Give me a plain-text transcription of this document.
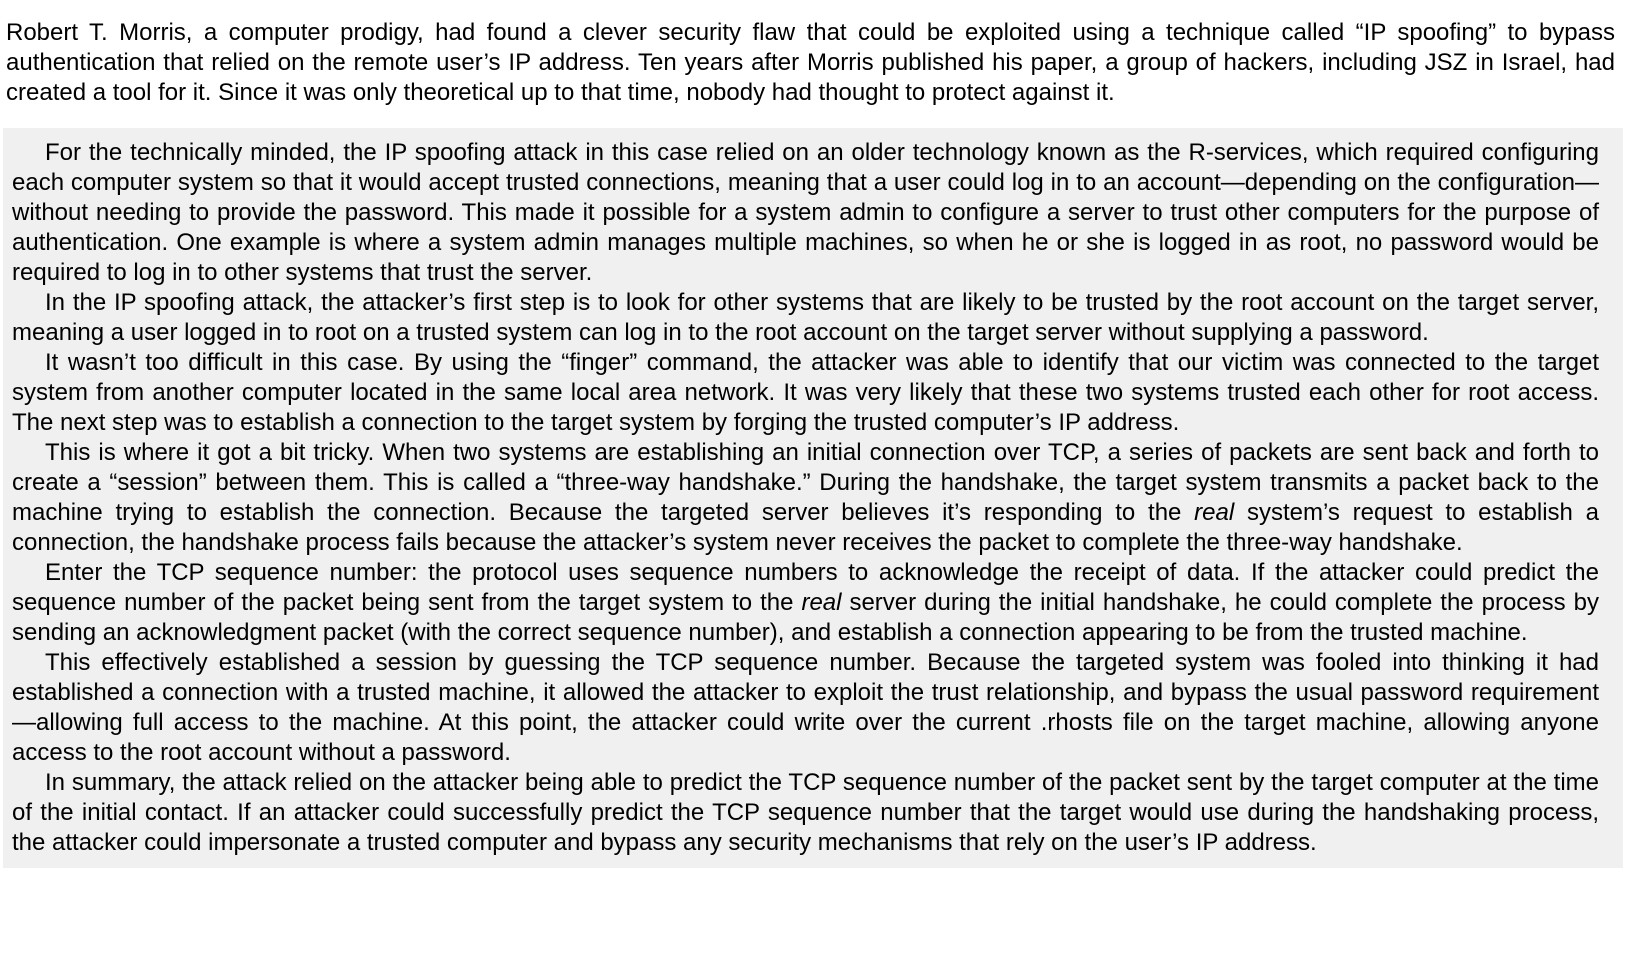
Robert T. Morris, a computer prodigy, had found a clever security flaw that could be exploited using a technique called “IP spoofing” to bypass authentication that relied on the remote user’s IP address. Ten years after Morris published his paper, a group of hackers, including JSZ in Israel, had created a tool for it. Since it was only theoretical up to that time, nobody had thought to protect against it.

For the technically minded, the IP spoofing attack in this case relied on an older technology known as the R-services, which required configuring each computer system so that it would accept trusted connections, meaning that a user could log in to an account—depending on the configuration—without needing to provide the password. This made it possible for a system admin to configure a server to trust other computers for the purpose of authentication. One example is where a system admin manages multiple machines, so when he or she is logged in as root, no password would be required to log in to other systems that trust the server.

In the IP spoofing attack, the attacker’s first step is to look for other systems that are likely to be trusted by the root account on the target server, meaning a user logged in to root on a trusted system can log in to the root account on the target server without supplying a password.

It wasn’t too difficult in this case. By using the “finger” command, the attacker was able to identify that our victim was connected to the target system from another computer located in the same local area network. It was very likely that these two systems trusted each other for root access. The next step was to establish a connection to the target system by forging the trusted computer’s IP address.

This is where it got a bit tricky. When two systems are establishing an initial connection over TCP, a series of packets are sent back and forth to create a “session” between them. This is called a “three-way handshake.” During the handshake, the target system transmits a packet back to the machine trying to establish the connection. Because the targeted server believes it’s responding to the real system’s request to establish a connection, the handshake process fails because the attacker’s system never receives the packet to complete the three-way handshake.

Enter the TCP sequence number: the protocol uses sequence numbers to acknowledge the receipt of data. If the attacker could predict the sequence number of the packet being sent from the target system to the real server during the initial handshake, he could complete the process by sending an acknowledgment packet (with the correct sequence number), and establish a connection appearing to be from the trusted machine.

This effectively established a session by guessing the TCP sequence number. Because the targeted system was fooled into thinking it had established a connection with a trusted machine, it allowed the attacker to exploit the trust relationship, and bypass the usual password requirement—allowing full access to the machine. At this point, the attacker could write over the current .rhosts file on the target machine, allowing anyone access to the root account without a password.

In summary, the attack relied on the attacker being able to predict the TCP sequence number of the packet sent by the target computer at the time of the initial contact. If an attacker could successfully predict the TCP sequence number that the target would use during the handshaking process, the attacker could impersonate a trusted computer and bypass any security mechanisms that rely on the user’s IP address.
